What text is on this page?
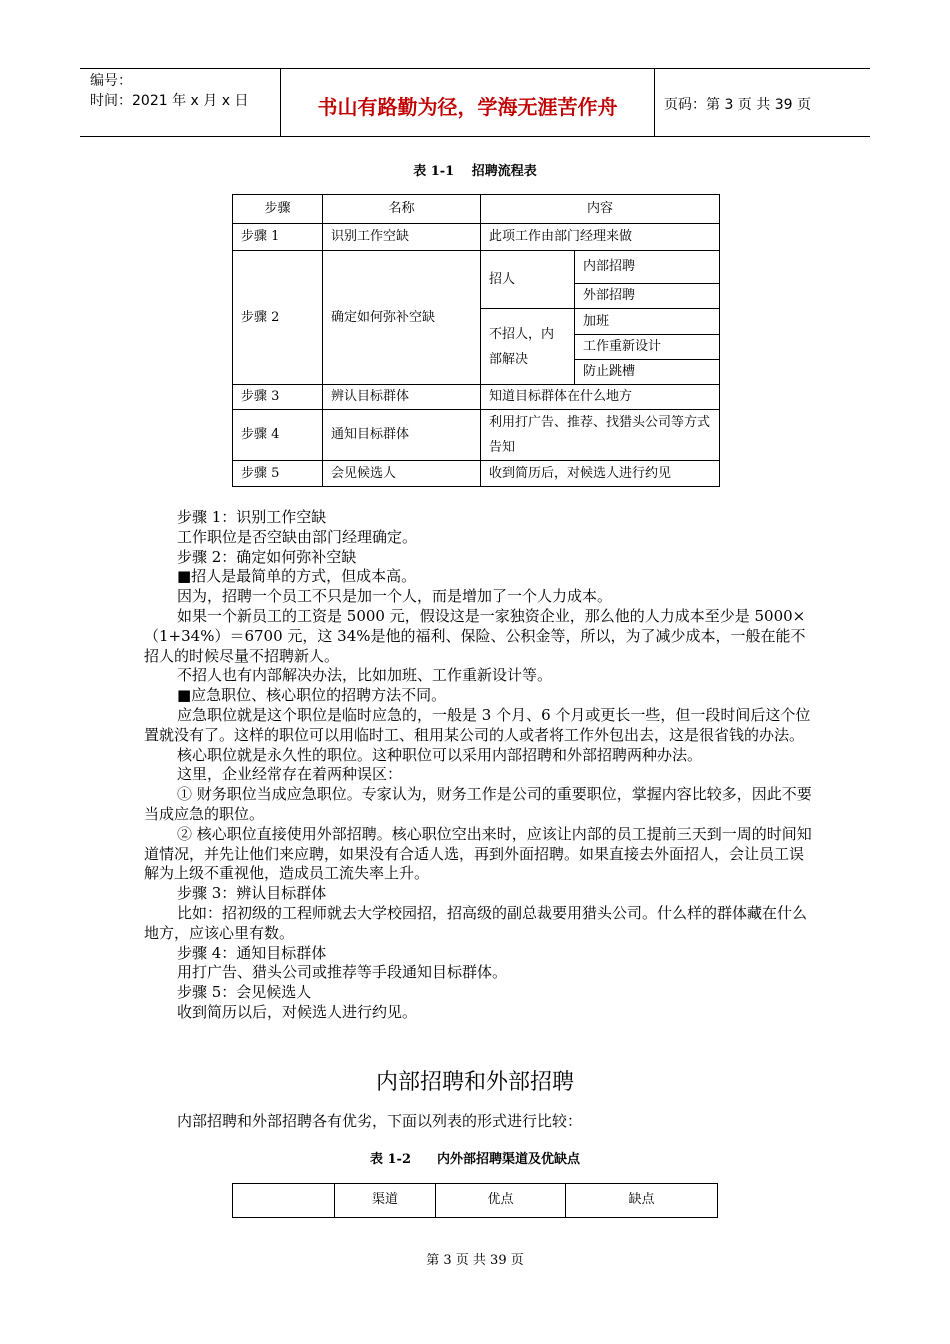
编号：
时间：2021 年 x 月 x 日	书山有路勤为径，学海无涯苦作舟	页码：第 3 页 共 39 页
表 1-1　 招聘流程表
步骤	名称	内容	
步骤 1	识别工作空缺	此项工作由部门经理来做	
步骤 2	确定如何弥补空缺	招人	内部招聘
			外部招聘
		不招人，内部解决	加班
			工作重新设计
			防止跳槽
步骤 3	辨认目标群体	知道目标群体在什么地方	
步骤 4	通知目标群体	利用打广告、推荐、找猎头公司等方式告知	
步骤 5	会见候选人	收到简历后，对候选人进行约见	

步骤 1：识别工作空缺

工作职位是否空缺由部门经理确定。

步骤 2：确定如何弥补空缺

■招人是最简单的方式，但成本高。

因为，招聘一个员工不只是加一个人，而是增加了一个人力成本。

如果一个新员工的工资是 5000 元，假设这是一家独资企业，那么他的人力成本至少是 5000×（1+34%）＝6700 元，这 34%是他的福利、保险、公积金等，所以，为了减少成本，一般在能不招人的时候尽量不招聘新人。

不招人也有内部解决办法，比如加班、工作重新设计等。

■应急职位、核心职位的招聘方法不同。

应急职位就是这个职位是临时应急的，一般是 3 个月、6 个月或更长一些，但一段时间后这个位置就没有了。这样的职位可以用临时工、租用某公司的人或者将工作外包出去，这是很省钱的办法。

核心职位就是永久性的职位。这种职位可以采用内部招聘和外部招聘两种办法。

这里，企业经常存在着两种误区：

① 财务职位当成应急职位。专家认为，财务工作是公司的重要职位，掌握内容比较多，因此不要当成应急的职位。

② 核心职位直接使用外部招聘。核心职位空出来时，应该让内部的员工提前三天到一周的时间知道情况，并先让他们来应聘，如果没有合适人选，再到外面招聘。如果直接去外面招人，会让员工误解为上级不重视他，造成员工流失率上升。

步骤 3：辨认目标群体

比如：招初级的工程师就去大学校园招，招高级的副总裁要用猎头公司。什么样的群体藏在什么地方，应该心里有数。

步骤 4：通知目标群体

用打广告、猎头公司或推荐等手段通知目标群体。

步骤 5：会见候选人

收到简历以后，对候选人进行约见。

内部招聘和外部招聘
内部招聘和外部招聘各有优劣，下面以列表的形式进行比较：
表 1-2　　内外部招聘渠道及优缺点
	渠道	优点	缺点
第 3 页 共 39 页
